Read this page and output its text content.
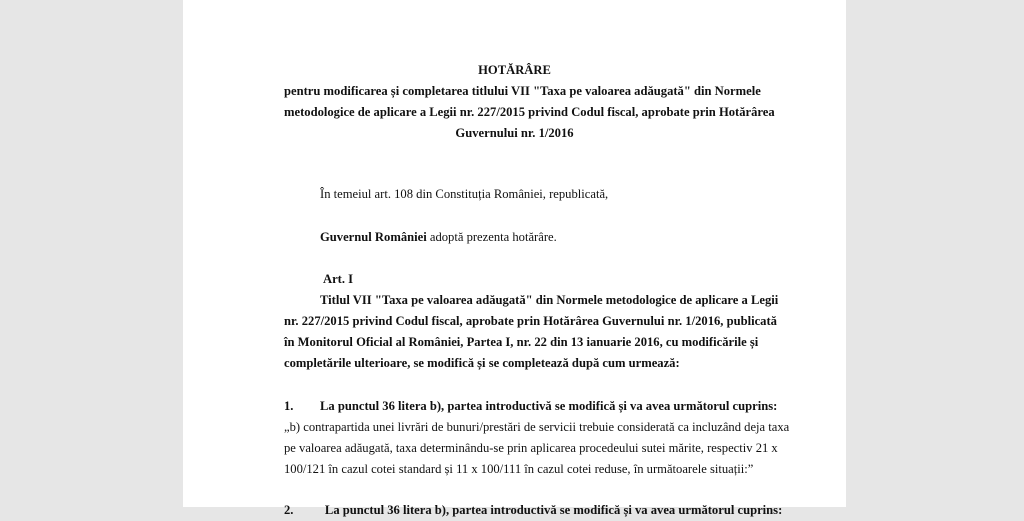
HOTĂRÂRE
pentru modificarea și completarea titlului VII "Taxa pe valoarea adăugată" din Normele
metodologice de aplicare a Legii nr. 227/2015 privind Codul fiscal, aprobate prin Hotărârea
Guvernului nr. 1/2016
În temeiul art. 108 din Constituția României, republicată,
Guvernul României adoptă prezenta hotărâre.
Art. I
Titlul VII "Taxa pe valoarea adăugată" din Normele metodologice de aplicare a Legii
nr. 227/2015 privind Codul fiscal, aprobate prin Hotărârea Guvernului nr. 1/2016, publicată
în Monitorul Oficial al României, Partea I, nr. 22 din 13 ianuarie 2016, cu modificările și
completările ulterioare, se modifică și se completează după cum urmează:
1. La punctul 36 litera b), partea introductivă se modifică și va avea următorul cuprins:
„b) contrapartida unei livrări de bunuri/prestări de servicii trebuie considerată ca incluzând deja taxa
pe valoarea adăugată, taxa determinându-se prin aplicarea procedeului sutei mărite, respectiv 21 x
100/121 în cazul cotei standard și 11 x 100/111 în cazul cotei reduse, în următoarele situații:”
2.          La punctul 36 litera b), partea introductivă se modifică și va avea următorul cuprins:
